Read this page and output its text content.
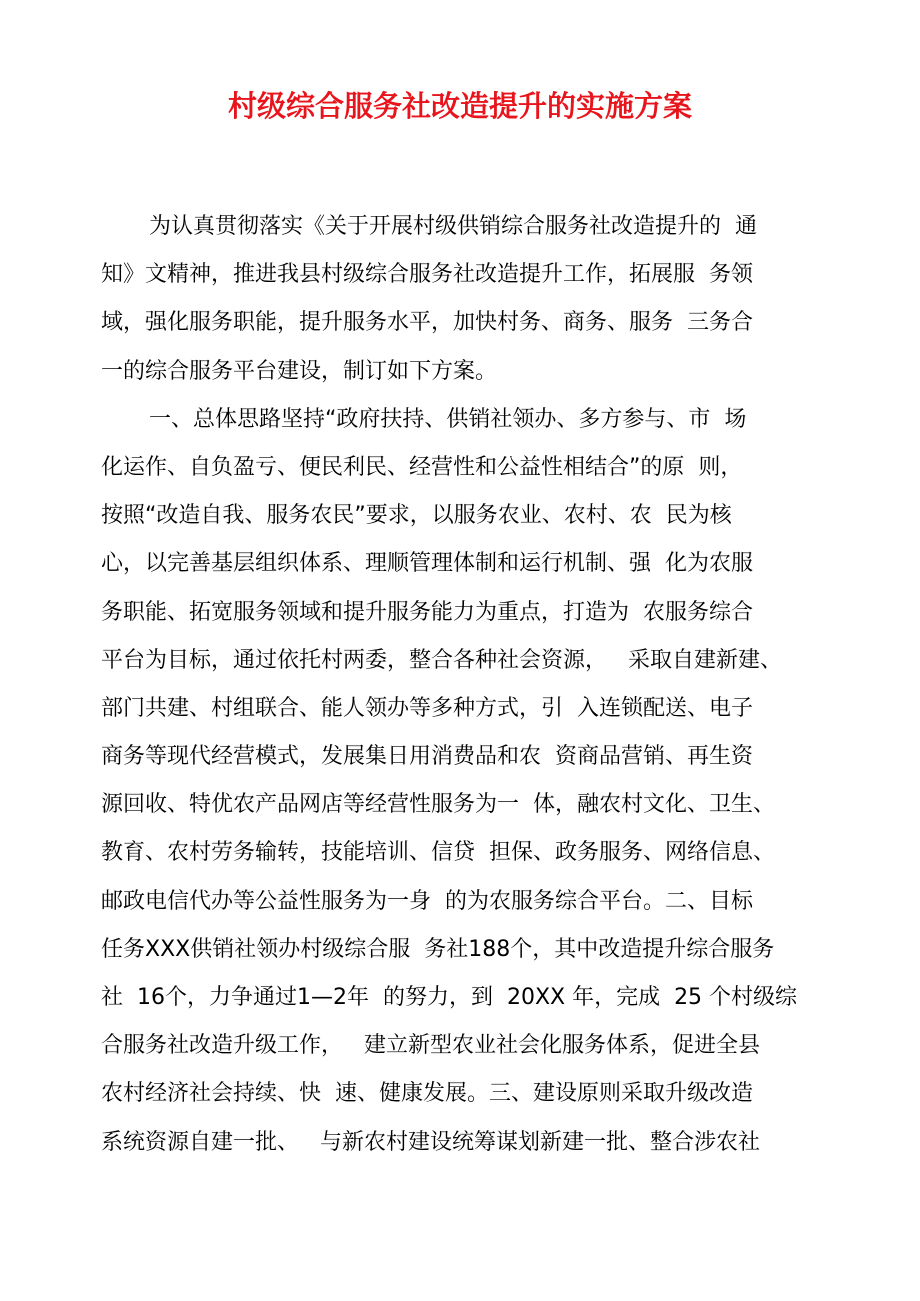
村级综合服务社改造提升的实施方案
为认真贯彻落实《关于开展村级供销综合服务社改造提升的  通
知》文精神，推进我县村级综合服务社改造提升工作，拓展服  务领
域，强化服务职能，提升服务水平，加快村务、商务、服务  三务合
一的综合服务平台建设，制订如下方案。
一、总体思路坚持“政府扶持、供销社领办、多方参与、市  场
化运作、自负盈亏、便民利民、经营性和公益性相结合”的原  则，
按照“改造自我、服务农民”要求，以服务农业、农村、农  民为核
心，以完善基层组织体系、理顺管理体制和运行机制、强  化为农服
务职能、拓宽服务领域和提升服务能力为重点，打造为  农服务综合
平台为目标，通过依托村两委，整合各种社会资源，   采取自建新建、
部门共建、村组联合、能人领办等多种方式，引  入连锁配送、电子
商务等现代经营模式，发展集日用消费品和农  资商品营销、再生资
源回收、特优农产品网店等经营性服务为一  体，融农村文化、卫生、
教育、农村劳务输转，技能培训、信贷  担保、政务服务、网络信息、
邮政电信代办等公益性服务为一身  的为农服务综合平台。二、目标
任务XXX供销社领办村级综合服  务社188个，其中改造提升综合服务
社  16个，力争通过1—2年  的努力，到  20XX 年，完成  25 个村级综
合服务社改造升级工作，   建立新型农业社会化服务体系，促进全县
农村经济社会持续、快  速、健康发展。三、建设原则采取升级改造
系统资源自建一批、   与新农村建设统筹谋划新建一批、整合涉农社
